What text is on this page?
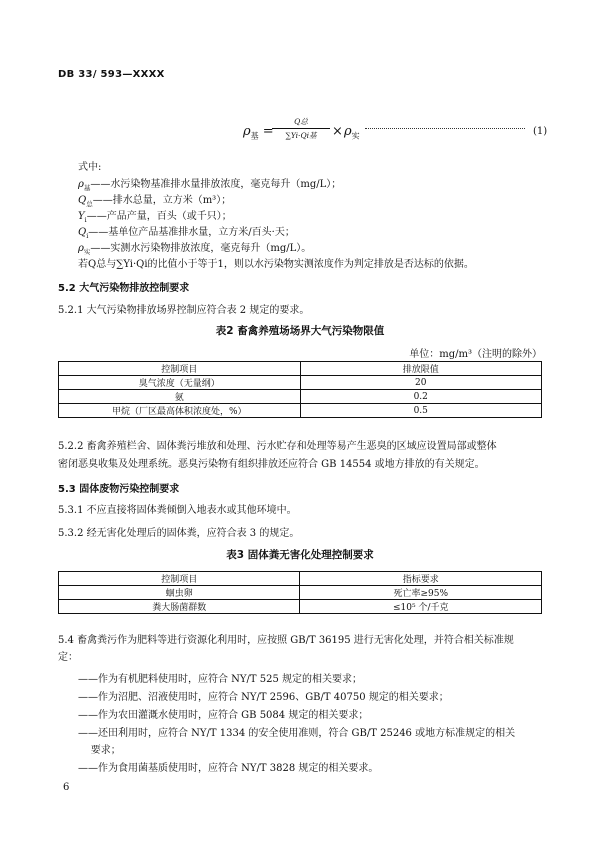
DB 33/ 593—XXXX
$\rho_基$ =
Q总
∑Yi·Qi基	× $\rho_实$	(1)
式中:
$\rho_基——$水污染物基准排水量排放浓度，毫克每升（mg/L）；
$Q_总——$排水总量，立方米（m³）；
$Y_i——$产品产量，百头（或千只）；
$Q_i——$基单位产品基准排水量，立方米/百头·天；
$\rho_实——$实测水污染物排放浓度，毫克每升（mg/L）。
若Q总与∑Yi·Qi的比值小于等于1，则以水污染物实测浓度作为判定排放是否达标的依据。
5.2 大气污染物排放控制要求
5.2.1 大气污染物排放场界控制应符合表 2 规定的要求。
表2 畜禽养殖场场界大气污染物限值
单位：mg/m³（注明的除外）
控制项目	排放限值
臭气浓度（无量纲）	20
氨	0.2
甲烷（厂区最高体积浓度处，%）	0.5
5.2.2 畜禽养殖栏舍、固体粪污堆放和处理、污水贮存和处理等易产生恶臭的区域应设置局部或整体
密闭恶臭收集及处理系统。恶臭污染物有组织排放还应符合 GB 14554 或地方排放的有关规定。
5.3 固体废物污染控制要求
5.3.1 不应直接将固体粪倾倒入地表水或其他环境中。
5.3.2 经无害化处理后的固体粪，应符合表 3 的规定。
表3 固体粪无害化处理控制要求
控制项目	指标要求
蛔虫卵	死亡率≥95%
粪大肠菌群数	≤10⁵ 个/千克
5.4 畜禽粪污作为肥料等进行资源化利用时，应按照 GB/T 36195 进行无害化处理，并符合相关标准规
定：
——作为有机肥料使用时，应符合 NY/T 525 规定的相关要求；
——作为沼肥、沼液使用时，应符合 NY/T 2596、GB/T 40750 规定的相关要求；
——作为农田灌溉水使用时，应符合 GB 5084 规定的相关要求；
——还田利用时，应符合 NY/T 1334 的安全使用准则，符合 GB/T 25246 或地方标准规定的相关
要求；
——作为食用菌基质使用时，应符合 NY/T 3828 规定的相关要求。
6
